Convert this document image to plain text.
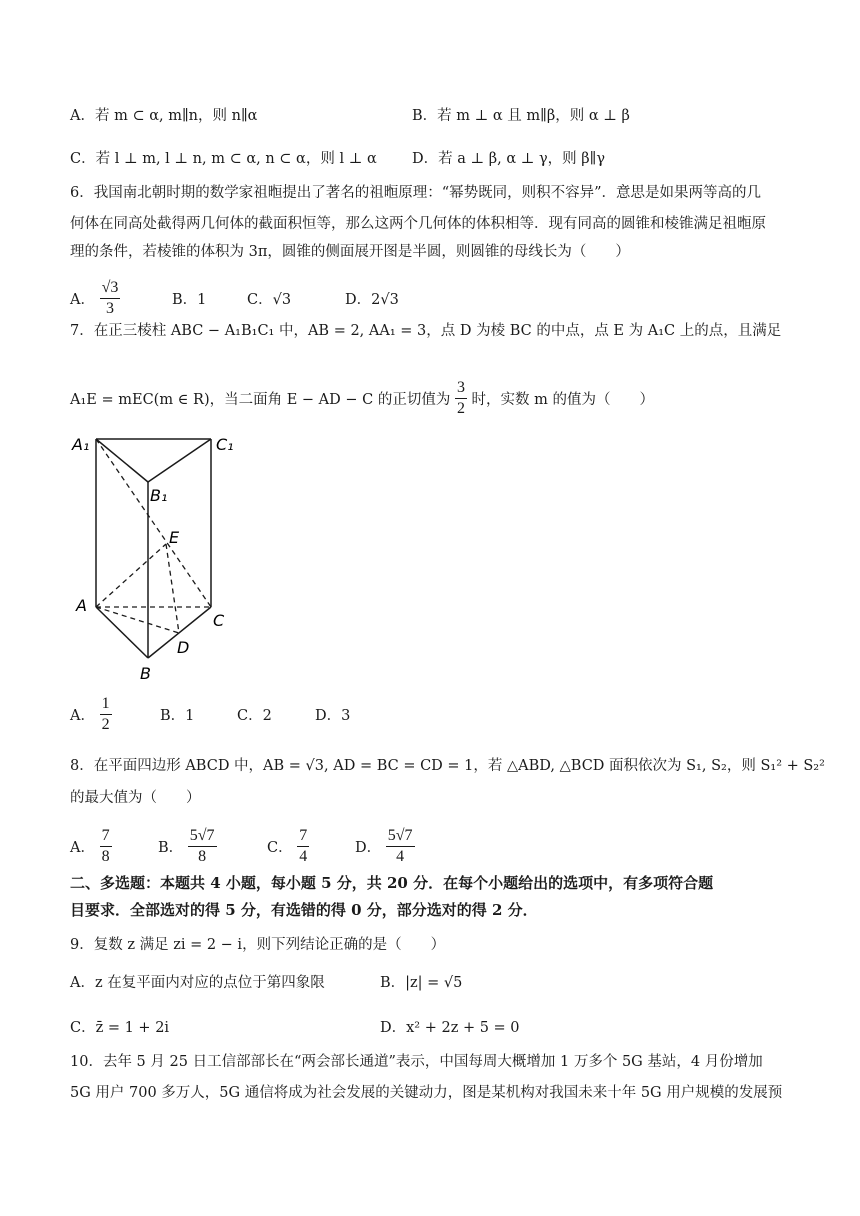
A．若 m ⊂ α, m∥n，则 n∥α	B．若 m ⊥ α 且 m∥β，则 α ⊥ β
C．若 l ⊥ m, l ⊥ n, m ⊂ α, n ⊂ α，则 l ⊥ α D．若 a ⊥ β, α ⊥ γ，则 β∥γ
6．我国南北朝时期的数学家祖暅提出了著名的祖暅原理：“幂势既同，则积不容异”．意思是如果两等高的几
何体在同高处截得两几何体的截面积恒等，那么这两个几何体的体积相等．现有同高的圆锥和棱锥满足祖暅原
理的条件，若棱锥的体积为 3π，圆锥的侧面展开图是半圆，则圆锥的母线长为（　　）
A． $\frac{√3}{3}$	B．1	C．√3	D．2√3
7．在正三棱柱 ABC − A₁B₁C₁ 中，AB = 2, AA₁ = 3，点 D 为棱 BC 的中点，点 E 为 A₁C 上的点，且满足
A₁E = mEC(m ∈ R)，当二面角 E − AD − C 的正切值为 $\frac{3}{2}$ 时，实数 m 的值为（　　）
A₁	C₁
B₁
E
A
C
D
B
A． $\frac{1}{2}$	B．1	C．2	D．3
8．在平面四边形 ABCD 中，AB = √3, AD = BC = CD = 1，若 △ABD, △BCD 面积依次为 S₁, S₂，则 S₁² + S₂²
的最大值为（　　）
A． $\frac{7}{8}$	B． $\frac{5√7}{8}$	C． $\frac{7}{4}$	D． $\frac{5√7}{4}$
二、多选题：本题共 4 小题，每小题 5 分，共 20 分．在每个小题给出的选项中，有多项符合题
目要求．全部选对的得 5 分，有选错的得 0 分，部分选对的得 2 分．
9．复数 z 满足 zi = 2 − i，则下列结论正确的是（　　）
A．z 在复平面内对应的点位于第四象限	B．|z| = √5
C．z̄ = 1 + 2i	D．x² + 2z + 5 = 0
10．去年 5 月 25 日工信部部长在“两会部长通道”表示，中国每周大概增加 1 万多个 5G 基站，4 月份增加
5G 用户 700 多万人，5G 通信将成为社会发展的关键动力，图是某机构对我国未来十年 5G 用户规模的发展预
